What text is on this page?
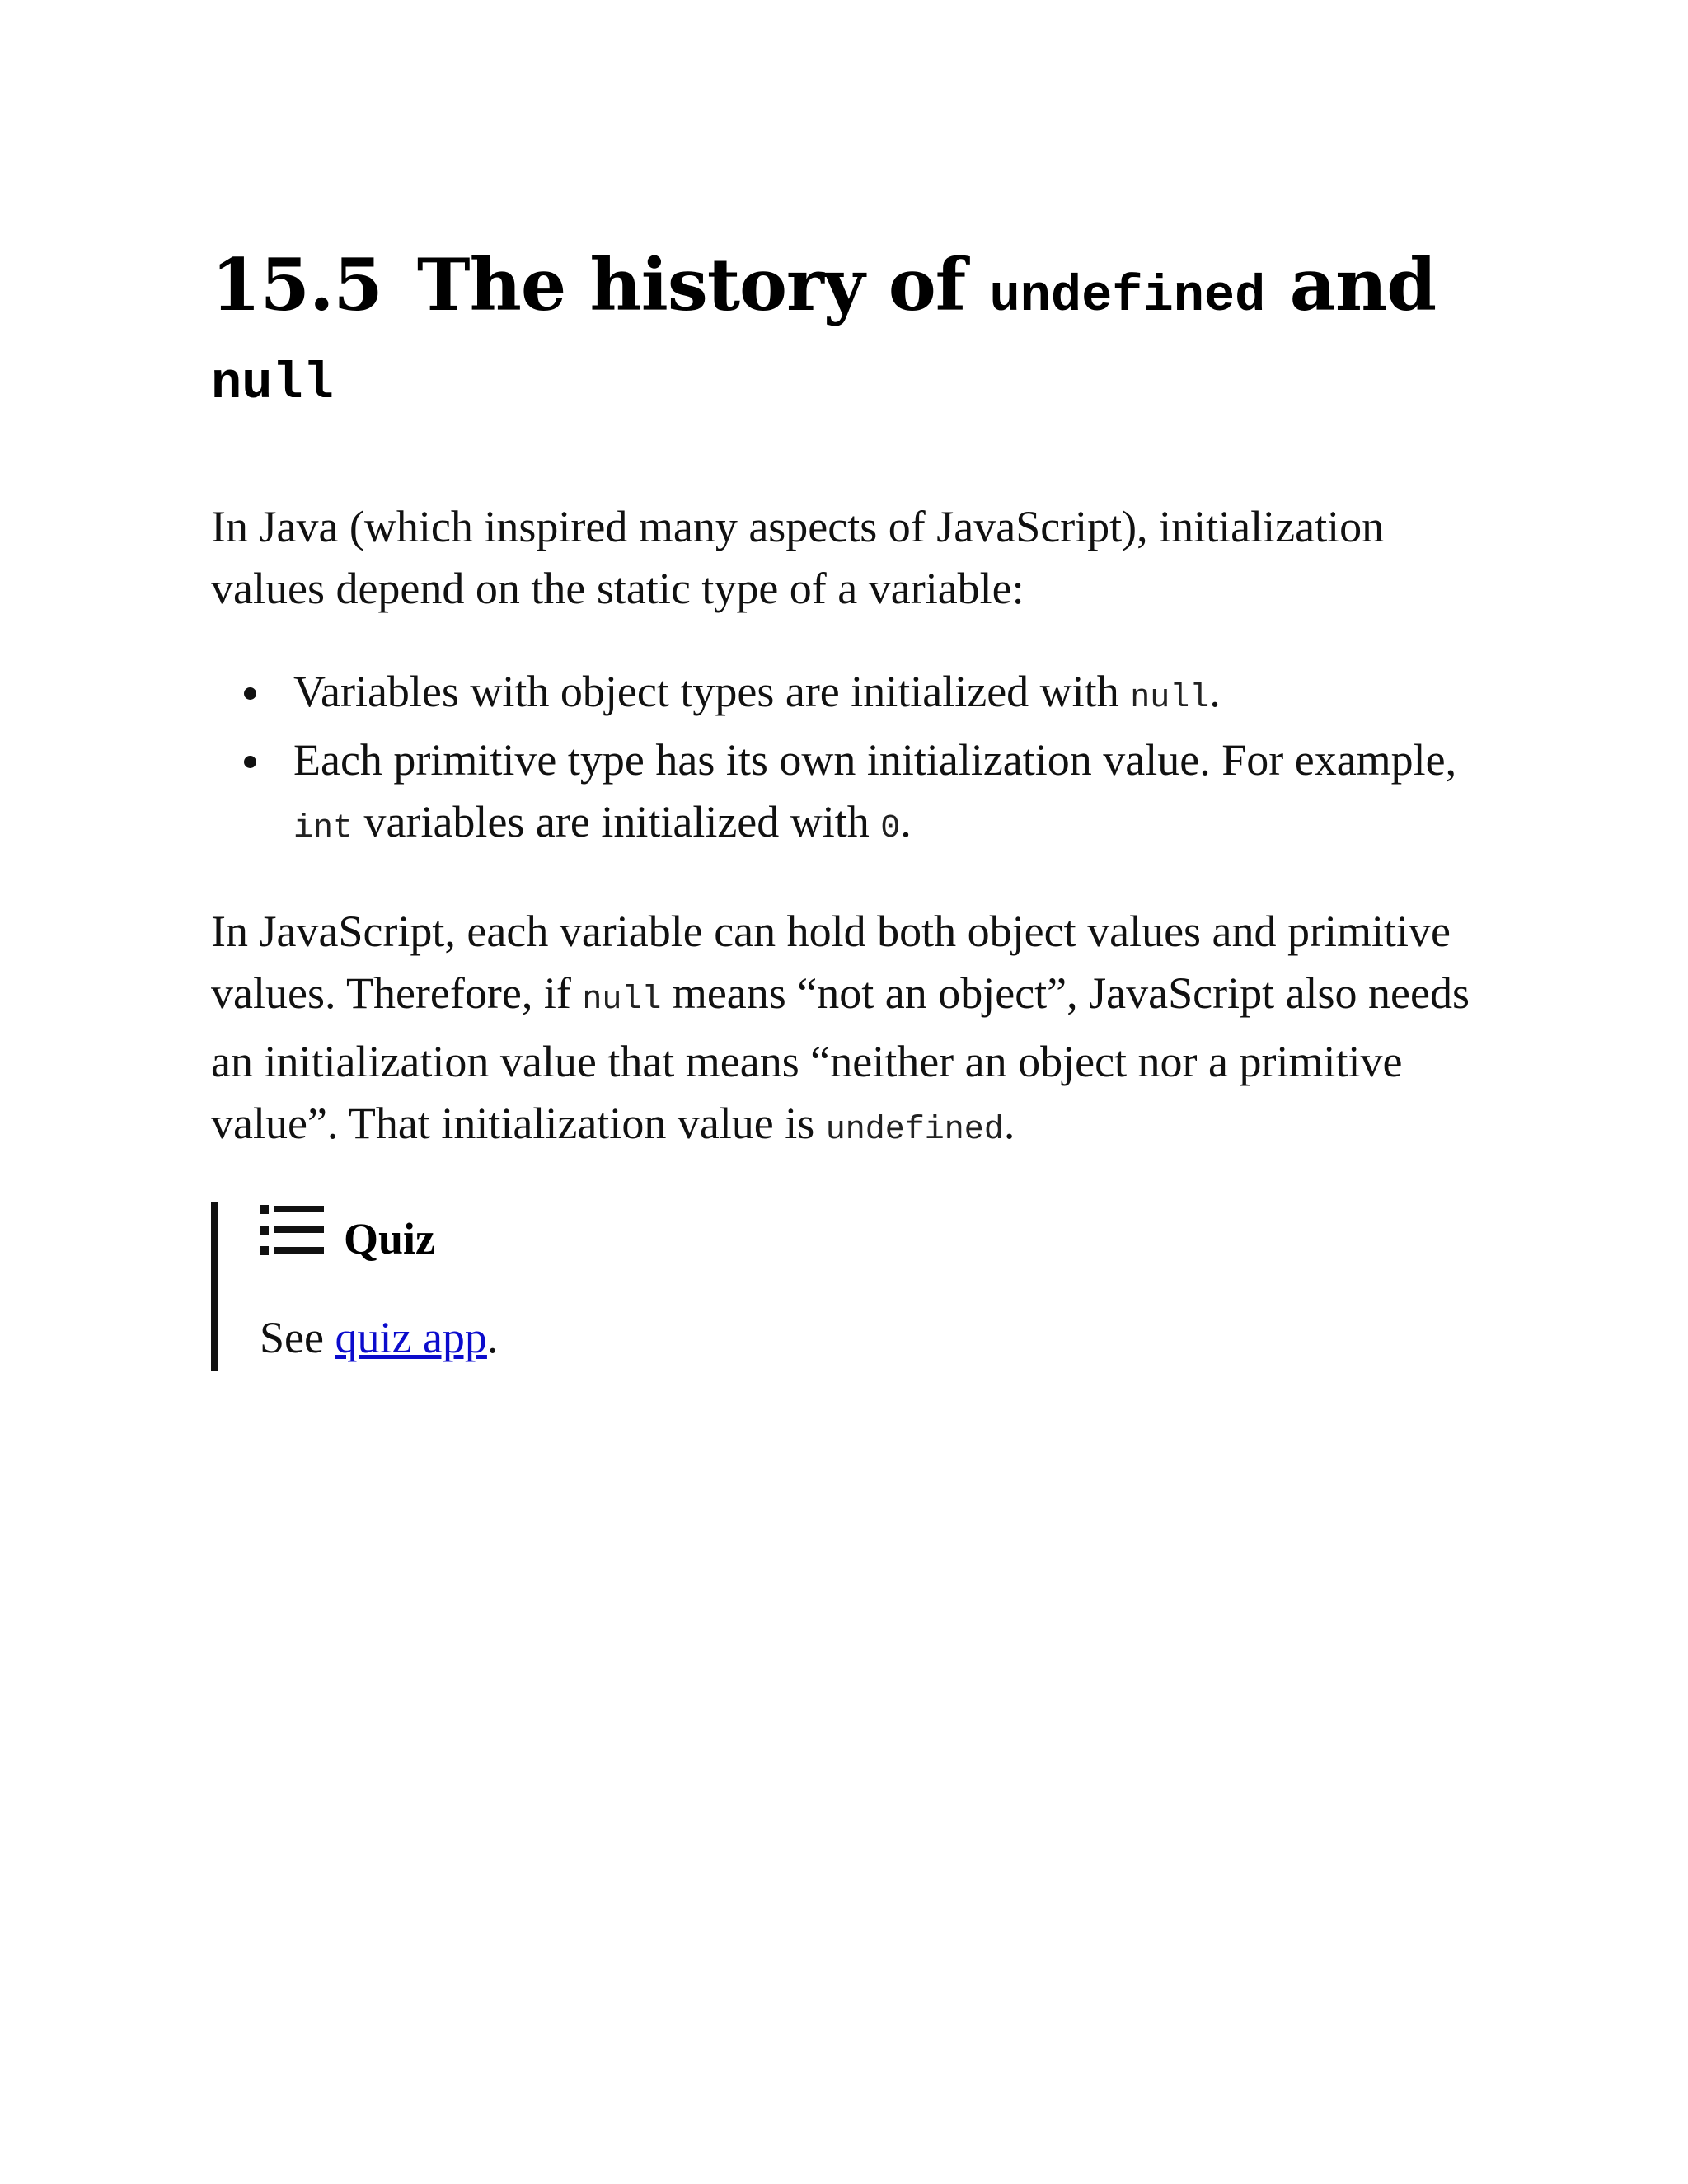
15.5 The history of undefined and
null

In Java (which inspired many aspects of JavaScript), initialization values depend on the static type of a variable:

Variables with object types are initialized with null.
Each primitive type has its own initialization value. For example, int variables are initialized with 0.

In JavaScript, each variable can hold both object values and primitive values. Therefore, if null means “not an object”, JavaScript also needs an initialization value that means “neither an object nor a primitive value”. That initialization value is undefined.

Quiz

See quiz app.
